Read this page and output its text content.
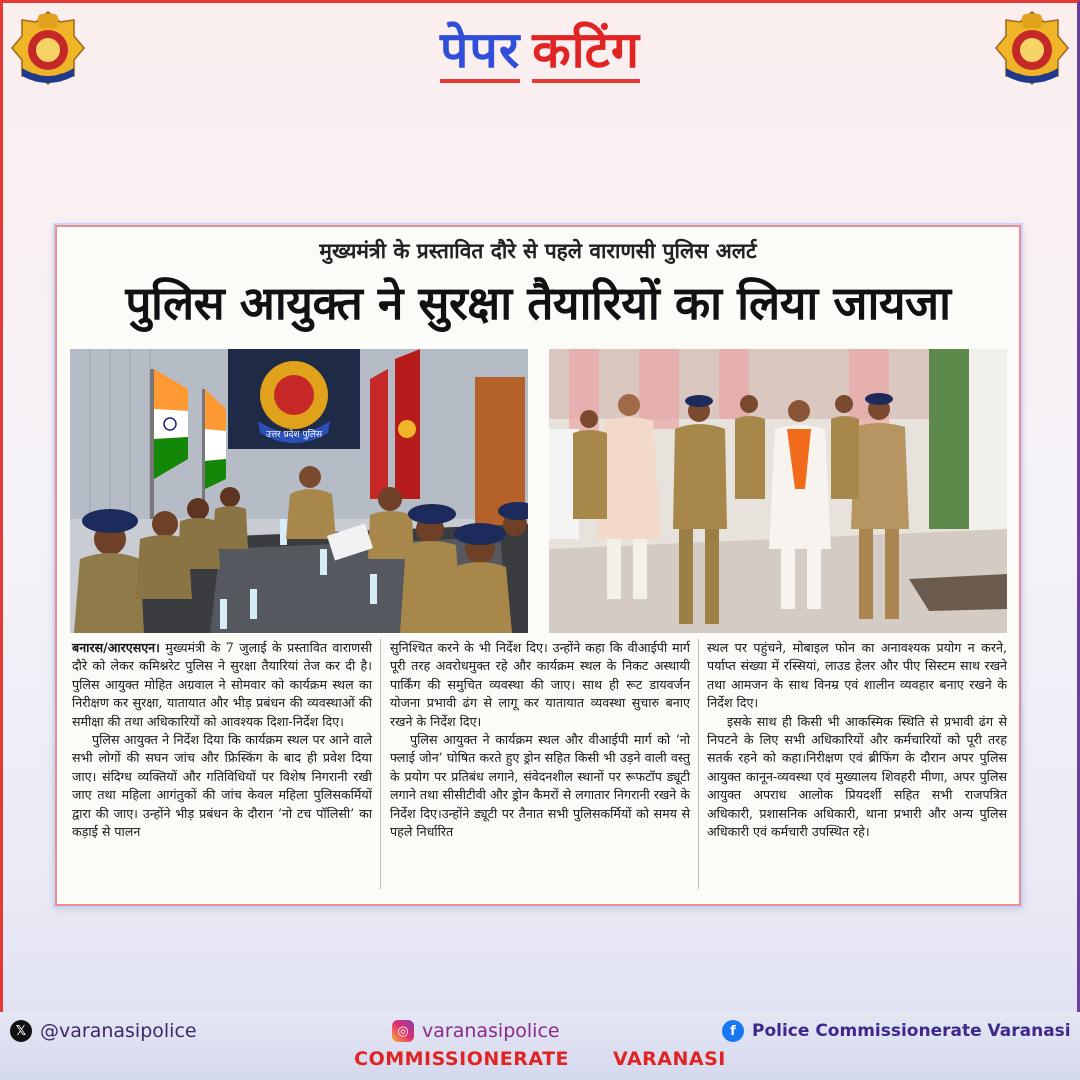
पेपर कटिंग
मुख्यमंत्री के प्रस्तावित दौरे से पहले वाराणसी पुलिस अलर्ट
पुलिस आयुक्त ने सुरक्षा तैयारियों का लिया जायजा
उत्तर प्रदेश पुलिस

बनारस/आरएसएन। मुख्यमंत्री के 7 जुलाई के प्रस्तावित वाराणसी दौरे को लेकर कमिश्नरेट पुलिस ने सुरक्षा तैयारियां तेज कर दी है। पुलिस आयुक्त मोहित अग्रवाल ने सोमवार को कार्यक्रम स्थल का निरीक्षण कर सुरक्षा, यातायात और भीड़ प्रबंधन की व्यवस्थाओं की समीक्षा की तथा अधिकारियों को आवश्यक दिशा-निर्देश दिए।

पुलिस आयुक्त ने निर्देश दिया कि कार्यक्रम स्थल पर आने वाले सभी लोगों की सघन जांच और फ्रिस्किंग के बाद ही प्रवेश दिया जाए। संदिग्ध व्यक्तियों और गतिविधियों पर विशेष निगरानी रखी जाए तथा महिला आगंतुकों की जांच केवल महिला पुलिसकर्मियों द्वारा की जाए। उन्होंने भीड़ प्रबंधन के दौरान ‘नो टच पॉलिसी’ का कड़ाई से पालन

सुनिश्चित करने के भी निर्देश दिए। उन्होंने कहा कि वीआईपी मार्ग पूरी तरह अवरोधमुक्त रहे और कार्यक्रम स्थल के निकट अस्थायी पार्किंग की समुचित व्यवस्था की जाए। साथ ही रूट डायवर्जन योजना प्रभावी ढंग से लागू कर यातायात व्यवस्था सुचारु बनाए रखने के निर्देश दिए।

पुलिस आयुक्त ने कार्यक्रम स्थल और वीआईपी मार्ग को ‘नो फ्लाई जोन’ घोषित करते हुए ड्रोन सहित किसी भी उड़ने वाली वस्तु के प्रयोग पर प्रतिबंध लगाने, संवेदनशील स्थानों पर रूफटॉप ड्यूटी लगाने तथा सीसीटीवी और ड्रोन कैमरों से लगातार निगरानी रखने के निर्देश दिए।उन्होंने ड्यूटी पर तैनात सभी पुलिसकर्मियों को समय से पहले निर्धारित

स्थल पर पहुंचने, मोबाइल फोन का अनावश्यक प्रयोग न करने, पर्याप्त संख्या में रस्सियां, लाउड हेलर और पीए सिस्टम साथ रखने तथा आमजन के साथ विनम्र एवं शालीन व्यवहार बनाए रखने के निर्देश दिए।

इसके साथ ही किसी भी आकस्मिक स्थिति से प्रभावी ढंग से निपटने के लिए सभी अधिकारियों और कर्मचारियों को पूरी तरह सतर्क रहने को कहा।निरीक्षण एवं ब्रीफिंग के दौरान अपर पुलिस आयुक्त कानून-व्यवस्था एवं मुख्यालय शिवहरी मीणा, अपर पुलिस आयुक्त अपराध आलोक प्रियदर्शी सहित सभी राजपत्रित अधिकारी, प्रशासनिक अधिकारी, थाना प्रभारी और अन्य पुलिस अधिकारी एवं कर्मचारी उपस्थित रहे।

𝕏 @varanasipolice	◎ varanasipolice	f Police Commissionerate Varanasi
COMMISSIONERATE VARANASI
